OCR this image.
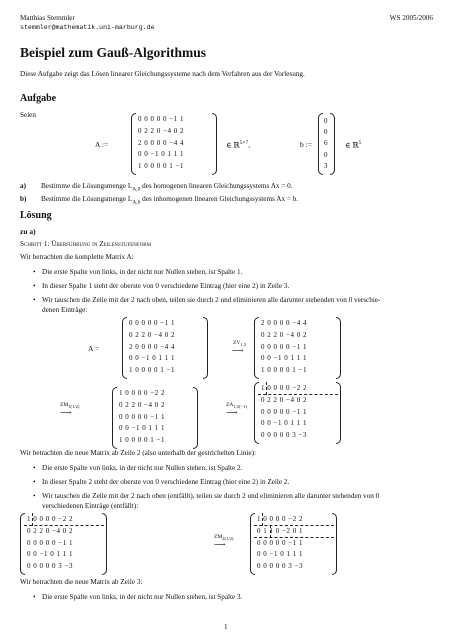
Matthias Stemmler
stemmler@mathematik.uni-marburg.de
WS 2005/2006
Beispiel zum Gauß-Algorithmus
Diese Aufgabe zeigt das Lösen linearer Gleichungssysteme nach dem Verfahren aus der Vorlesung.
Aufgabe
Seien
A :=
0 0 0 0 0 −1 1
0 2 2 0 −4 0 2
2 0 0 0 0 −4 4
0 0 −1 0 1 1 1
1 0 0 0 0 1 −1
∈ ℝ$^{5\times 7}$,	b :=
0
0
6
0
3
∈ ℝ$^5$
a) Bestimme die Lösungsmenge $L_{A,0}$ des homogenen linearen Gleichungssystems Ax = 0.
b) Bestimme die Lösungsmenge $L_{A,b}$ des inhomogenen linearen Gleichungssystems Ax = b.
Lösung
zu a)
Schritt 1: Überführung in Zeilenstufenform
Wir betrachten die komplette Matrix A:
• Die erste Spalte von links, in der nicht nur Nullen stehen, ist Spalte 1.
• In dieser Spalte 1 steht der oberste von 0 verschiedene Eintrag (hier eine 2) in Zeile 3.
• Wir tauschen die Zeile mit der 2 nach oben, teilen sie durch 2 und eliminieren alle darunter stehenden von 0 verschie-
denen Einträge:
A =
0 0 0 0 0 −1 1
0 2 2 0 −4 0 2
2 0 0 0 0 −4 4
0 0 −1 0 1 1 1
1 0 0 0 0 1 −1
$ZV_{1,3}$
⟶
2 0 0 0 0 −4 4
0 2 2 0 −4 0 2
0 0 0 0 0 −1 1
0 0 −1 0 1 1 1
1 0 0 0 0 1 −1
$ZM_{1(1/2)}$
⟶
1 0 0 0 0 −2 2
0 2 2 0 −4 0 2
0 0 0 0 0 −1 1
0 0 −1 0 1 1 1
1 0 0 0 0 1 −1
$ZA_{1,5(-1)}$
⟶
1 0 0 0 0 −2 2
0 2 2 0 −4 0 2
0 0 0 0 0 −1 1
0 0 −1 0 1 1 1
0 0 0 0 0 3 −3
Wir betrachten die neue Matrix ab Zeile 2 (also unterhalb der gestrichelten Linie):
• Die erste Spalte von links, in der nicht nur Nullen stehen, ist Spalte 2.
• In dieser Spalte 2 steht der oberste von 0 verschiedene Eintrag (hier eine 2) in Zeile 2.
• Wir tauschen die Zeile mit der 2 nach oben (entfällt), teilen sie durch 2 und eliminieren alle darunter stehenden von 0
verschiedenen Einträge (entfällt):
1 0 0 0 0 −2 2
0 2 2 0 −4 0 2
0 0 0 0 0 −1 1
0 0 −1 0 1 1 1
0 0 0 0 0 3 −3
$ZM_{2(1/2)}$
⟶
1 0 0 0 0 −2 2
0 1 1 0 −2 0 1
0 0 0 0 0 −1 1
0 0 −1 0 1 1 1
0 0 0 0 0 3 −3
Wir betrachten die neue Matrix ab Zeile 3:
• Die erste Spalte von links, in der nicht nur Nullen stehen, ist Spalte 3.
1
